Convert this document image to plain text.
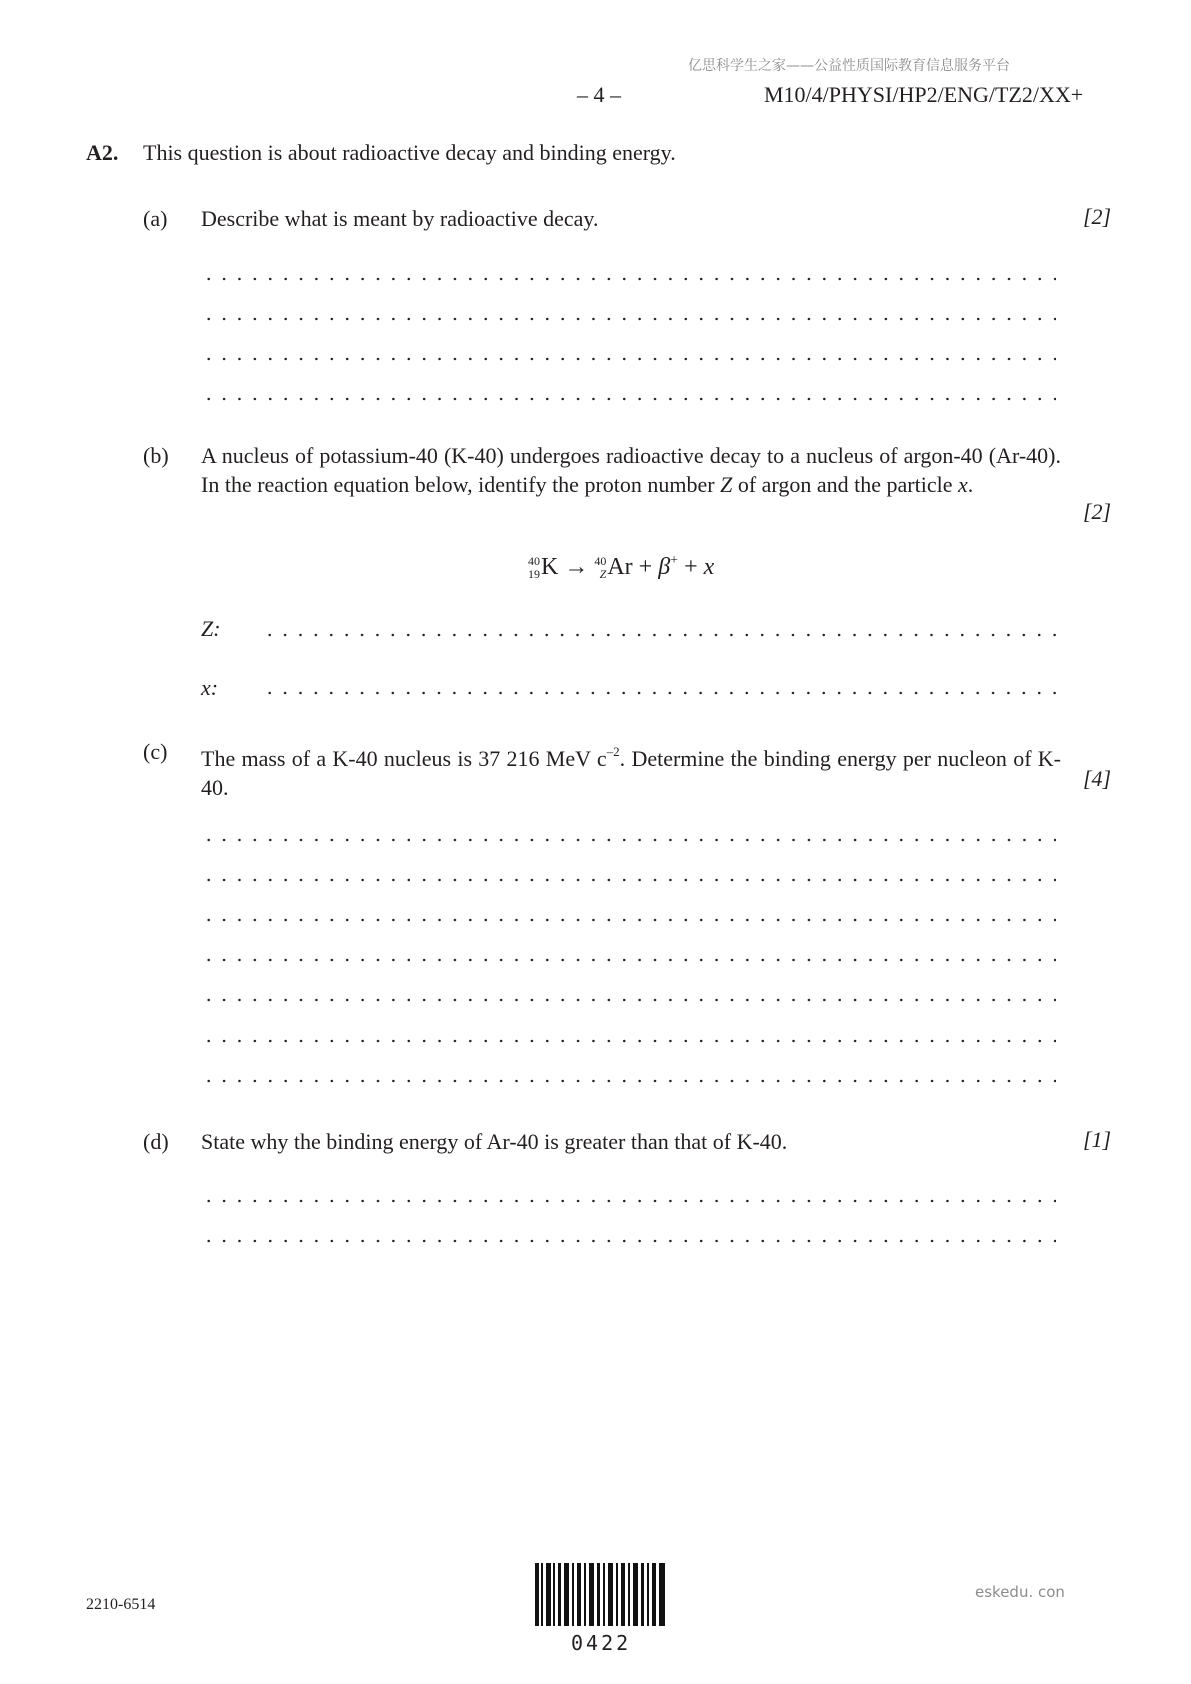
亿思科学生之家——公益性质国际教育信息服务平台
– 4 –	M10/4/PHYSI/HP2/ENG/TZ2/XX+
A2. This question is about radioactive decay and binding energy.
(a) Describe what is meant by radioactive decay.	[2]
(b) A nucleus of potassium-40 (K-40) undergoes radioactive decay to a nucleus of argon-40 (Ar-40). In the reaction equation below, identify the proton number Z of argon and the particle x.
[2]
40
19 K → 40
Z Ar + β+ + x
Z:
x:
(c) The mass of a K-40 nucleus is 37 216 MeV $c^{-2}$. Determine the binding energy per nucleon of K-40.	[4]
(d) State why the binding energy of Ar-40 is greater than that of K-40.	[1]
2210-6514
0422
eskedu. con
